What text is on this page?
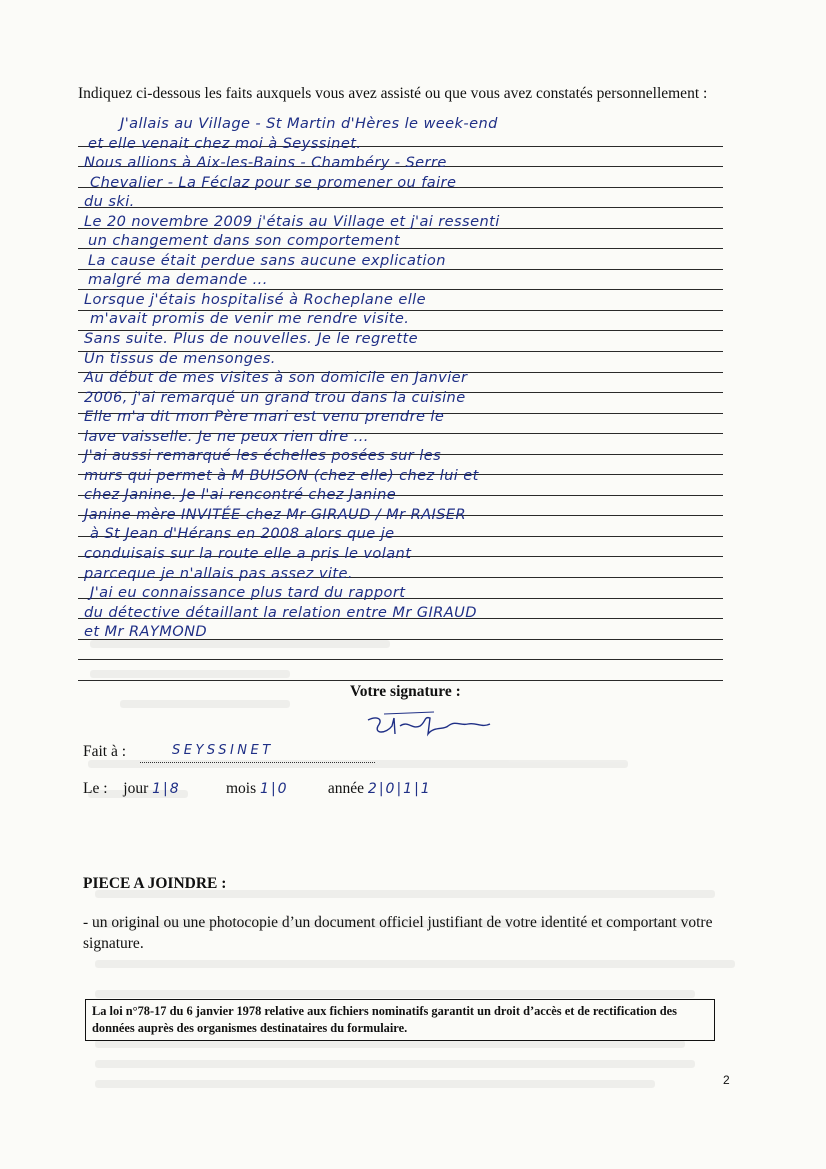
Indiquez ci-dessous les faits auxquels vous avez assisté ou que vous avez constatés personnellement :
J'allais au Village - St Martin d'Hères le week-end
et elle venait chez moi à Seyssinet.
Nous allions à Aix-les-Bains - Chambéry - Serre
Chevalier - La Féclaz pour se promener ou faire
du ski.
Le 20 novembre 2009 j'étais au Village et j'ai ressenti
un changement dans son comportement
La cause était perdue sans aucune explication
malgré ma demande ...
Lorsque j'étais hospitalisé à Rocheplane elle
m'avait promis de venir me rendre visite.
Sans suite. Plus de nouvelles. Je le regrette
Un tissus de mensonges.
Au début de mes visites à son domicile en Janvier
2006, j'ai remarqué un grand trou dans la cuisine
Elle m'a dit mon Père mari est venu prendre le
lave vaisselle. Je ne peux rien dire ...
J'ai aussi remarqué les échelles posées sur les
murs qui permet à M BUISON (chez elle) chez lui et
chez Janine. Je l'ai rencontré chez Janine
Janine mère INVITÉE chez Mr GIRAUD / Mr RAISER
à St Jean d'Hérans en 2008 alors que je
conduisais sur la route elle a pris le volant
parceque je n'allais pas assez vite.
J'ai eu connaissance plus tard du rapport
du détective détaillant la relation entre Mr GIRAUD
et Mr RAYMOND
Votre signature :
Fait à :	SEYSSINET
Le : jour 1|8	mois 1|0	année 2|0|1|1
PIECE A JOINDRE :
- un original ou une photocopie d’un document officiel justifiant de votre identité et comportant votre signature.
La loi n°78-17 du 6 janvier 1978 relative aux fichiers nominatifs garantit un droit d’accès et de rectification des données auprès des organismes destinataires du formulaire.
2
